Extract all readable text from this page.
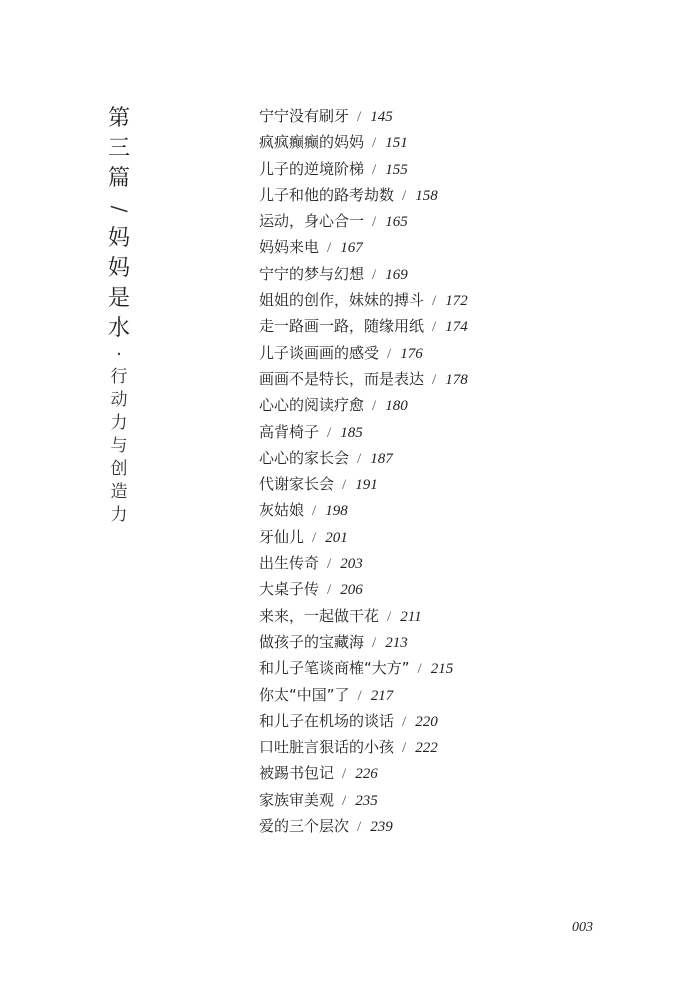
第
三
篇
/
妈
妈
是
水
·
行
动
力
与
创
造
力
宁宁没有刷牙 / 145
疯疯癫癫的妈妈 / 151
儿子的逆境阶梯 / 155
儿子和他的路考劫数 / 158
运动，身心合一 / 165
妈妈来电 / 167
宁宁的梦与幻想 / 169
姐姐的创作，妹妹的搏斗 / 172
走一路画一路，随缘用纸 / 174
儿子谈画画的感受 / 176
画画不是特长，而是表达 / 178
心心的阅读疗愈 / 180
高背椅子 / 185
心心的家长会 / 187
代谢家长会 / 191
灰姑娘 / 198
牙仙儿 / 201
出生传奇 / 203
大桌子传 / 206
来来，一起做干花 / 211
做孩子的宝藏海 / 213
和儿子笔谈商榷“大方” / 215
你太“中国”了 / 217
和儿子在机场的谈话 / 220
口吐脏言狠话的小孩 / 222
被踢书包记 / 226
家族审美观 / 235
爱的三个层次 / 239
003
